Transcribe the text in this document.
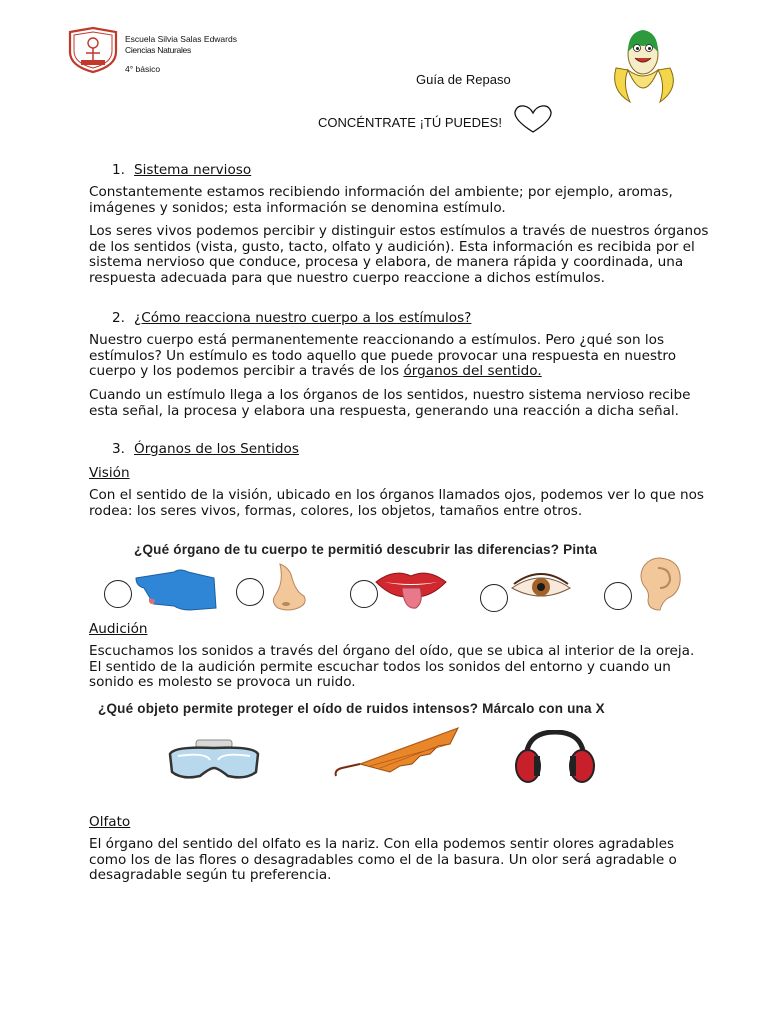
Escuela Silvia Salas Edwards
Ciencias Naturales
4° básico
Guía de Repaso
CONCÉNTRATE ¡TÚ PUEDES!
1. Sistema nervioso
Constantemente estamos recibiendo información del ambiente; por ejemplo, aromas, imágenes y sonidos; esta información se denomina estímulo.
Los seres vivos podemos percibir y distinguir estos estímulos a través de nuestros órganos de los sentidos (vista, gusto, tacto, olfato y audición). Esta información es recibida por el sistema nervioso que conduce, procesa y elabora, de manera rápida y coordinada, una respuesta adecuada para que nuestro cuerpo reaccione a dichos estímulos.
2. ¿Cómo reacciona nuestro cuerpo a los estímulos?
Nuestro cuerpo está permanentemente reaccionando a estímulos. Pero ¿qué son los estímulos? Un estímulo es todo aquello que puede provocar una respuesta en nuestro cuerpo y los podemos percibir a través de los órganos del sentido.
Cuando un estímulo llega a los órganos de los sentidos, nuestro sistema nervioso recibe esta señal, la procesa y elabora una respuesta, generando una reacción a dicha señal.
3. Órganos de los Sentidos
Visión
Con el sentido de la visión, ubicado en los órganos llamados ojos, podemos ver lo que nos rodea: los seres vivos, formas, colores, los objetos, tamaños entre otros.
¿Qué órgano de tu cuerpo te permitió descubrir las diferencias? Pinta
Audición
Escuchamos los sonidos a través del órgano del oído, que se ubica al interior de la oreja. El sentido de la audición permite escuchar todos los sonidos del entorno y cuando un sonido es molesto se provoca un ruido.
¿Qué objeto permite proteger el oído de ruidos intensos? Márcalo con una X
Olfato
El órgano del sentido del olfato es la nariz. Con ella podemos sentir olores agradables como los de las flores o desagradables como el de la basura. Un olor será agradable o desagradable según tu preferencia.
